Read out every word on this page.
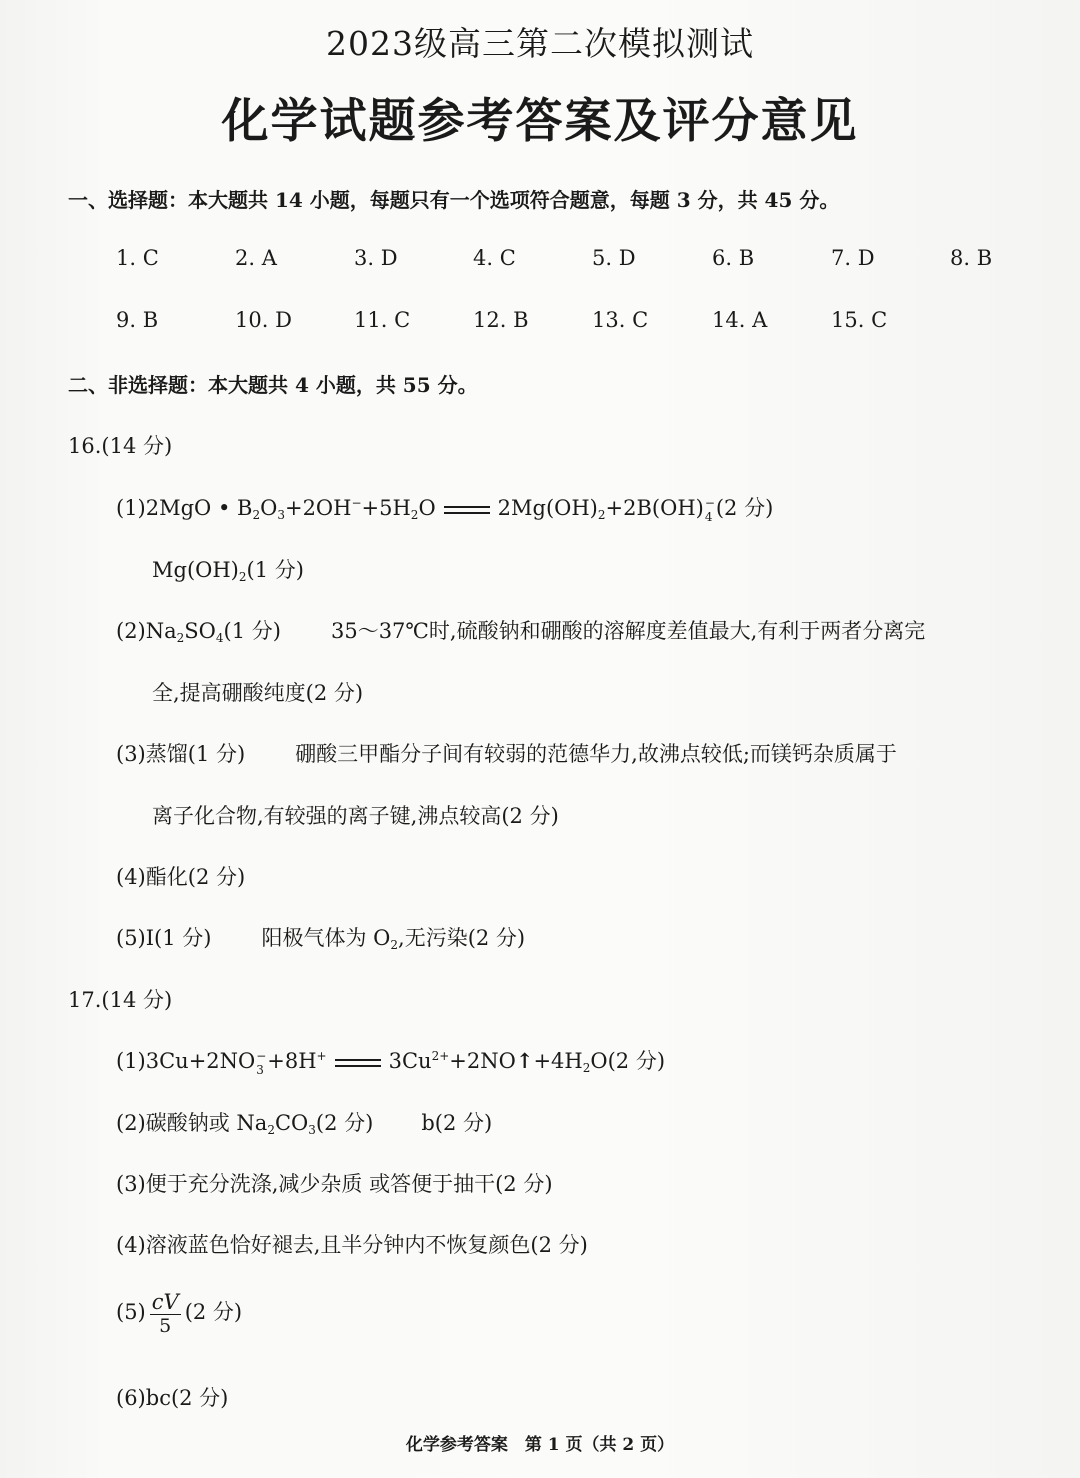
2023级高三第二次模拟测试
化学试题参考答案及评分意见
一、选择题：本大题共 14 小题，每题只有一个选项符合题意，每题 3 分，共 45 分。
1. C	2. A	3. D	4. C	5. D	6. B	7. D	8. B
9. B	10. D	11. C	12. B	13. C	14. A	15. C
二、非选择题：本大题共 4 小题，共 55 分。
16.(14 分)
(1)2MgO • $B_2O_3+2OH^-+5H_2O$	$2Mg(OH)_2+2B(OH)$ −
4 (2 分)
$Mg(OH)_2(1$ 分)
$(2)Na_2SO_4(1$ 分) 35～37℃时,硫酸钠和硼酸的溶解度差值最大,有利于两者分离完
全,提高硼酸纯度(2 分)
(3)蒸馏(1 分) 硼酸三甲酯分子间有较弱的范德华力,故沸点较低;而镁钙杂质属于
离子化合物,有较强的离子键,沸点较高(2 分)
(4)酯化(2 分)
(5)I(1 分) 阳极气体为 $O_2$,无污染(2 分)
17.(14 分)
(1)3Cu+2NO −
3 +8H+	$3Cu^{2+}+2NO↑+4H_2O(2$ 分)
(2)碳酸钠或 $Na_2CO_3(2$ 分) b(2 分)
(3)便于充分洗涤,减少杂质 或答便于抽干(2 分)
(4)溶液蓝色恰好褪去,且半分钟内不恢复颜色(2 分)
$(5) \frac{cV}{5} (2$ 分)
(6)bc(2 分)
化学参考答案　第 1 页（共 2 页）
